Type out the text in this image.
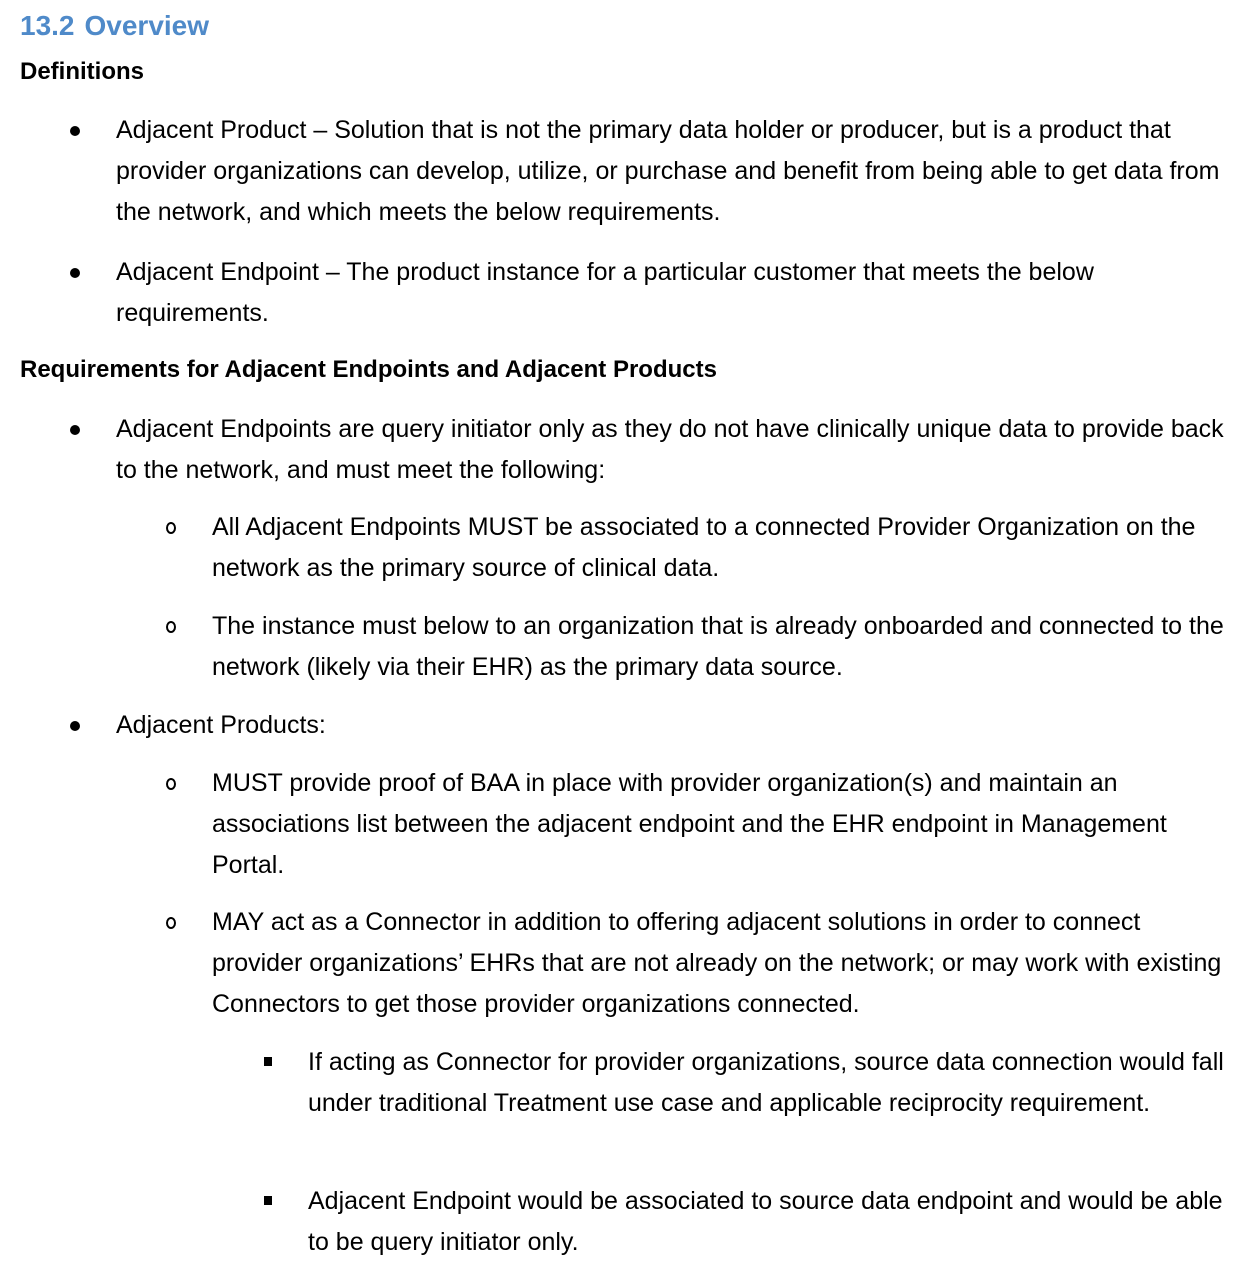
13.2 Overview
Definitions
Adjacent Product – Solution that is not the primary data holder or producer, but is a product that provider organizations can develop, utilize, or purchase and benefit from being able to get data from the network, and which meets the below requirements.
Adjacent Endpoint – The product instance for a particular customer that meets the below requirements.
Requirements for Adjacent Endpoints and Adjacent Products
Adjacent Endpoints are query initiator only as they do not have clinically unique data to provide back to the network, and must meet the following:
All Adjacent Endpoints MUST be associated to a connected Provider Organization on the network as the primary source of clinical data.
The instance must below to an organization that is already onboarded and connected to the network (likely via their EHR) as the primary data source.
Adjacent Products:
MUST provide proof of BAA in place with provider organization(s) and maintain an associations list between the adjacent endpoint and the EHR endpoint in Management Portal.
MAY act as a Connector in addition to offering adjacent solutions in order to connect provider organizations’ EHRs that are not already on the network; or may work with existing Connectors to get those provider organizations connected.
If acting as Connector for provider organizations, source data connection would fall under traditional Treatment use case and applicable reciprocity requirement.
Adjacent Endpoint would be associated to source data endpoint and would be able to be query initiator only.
